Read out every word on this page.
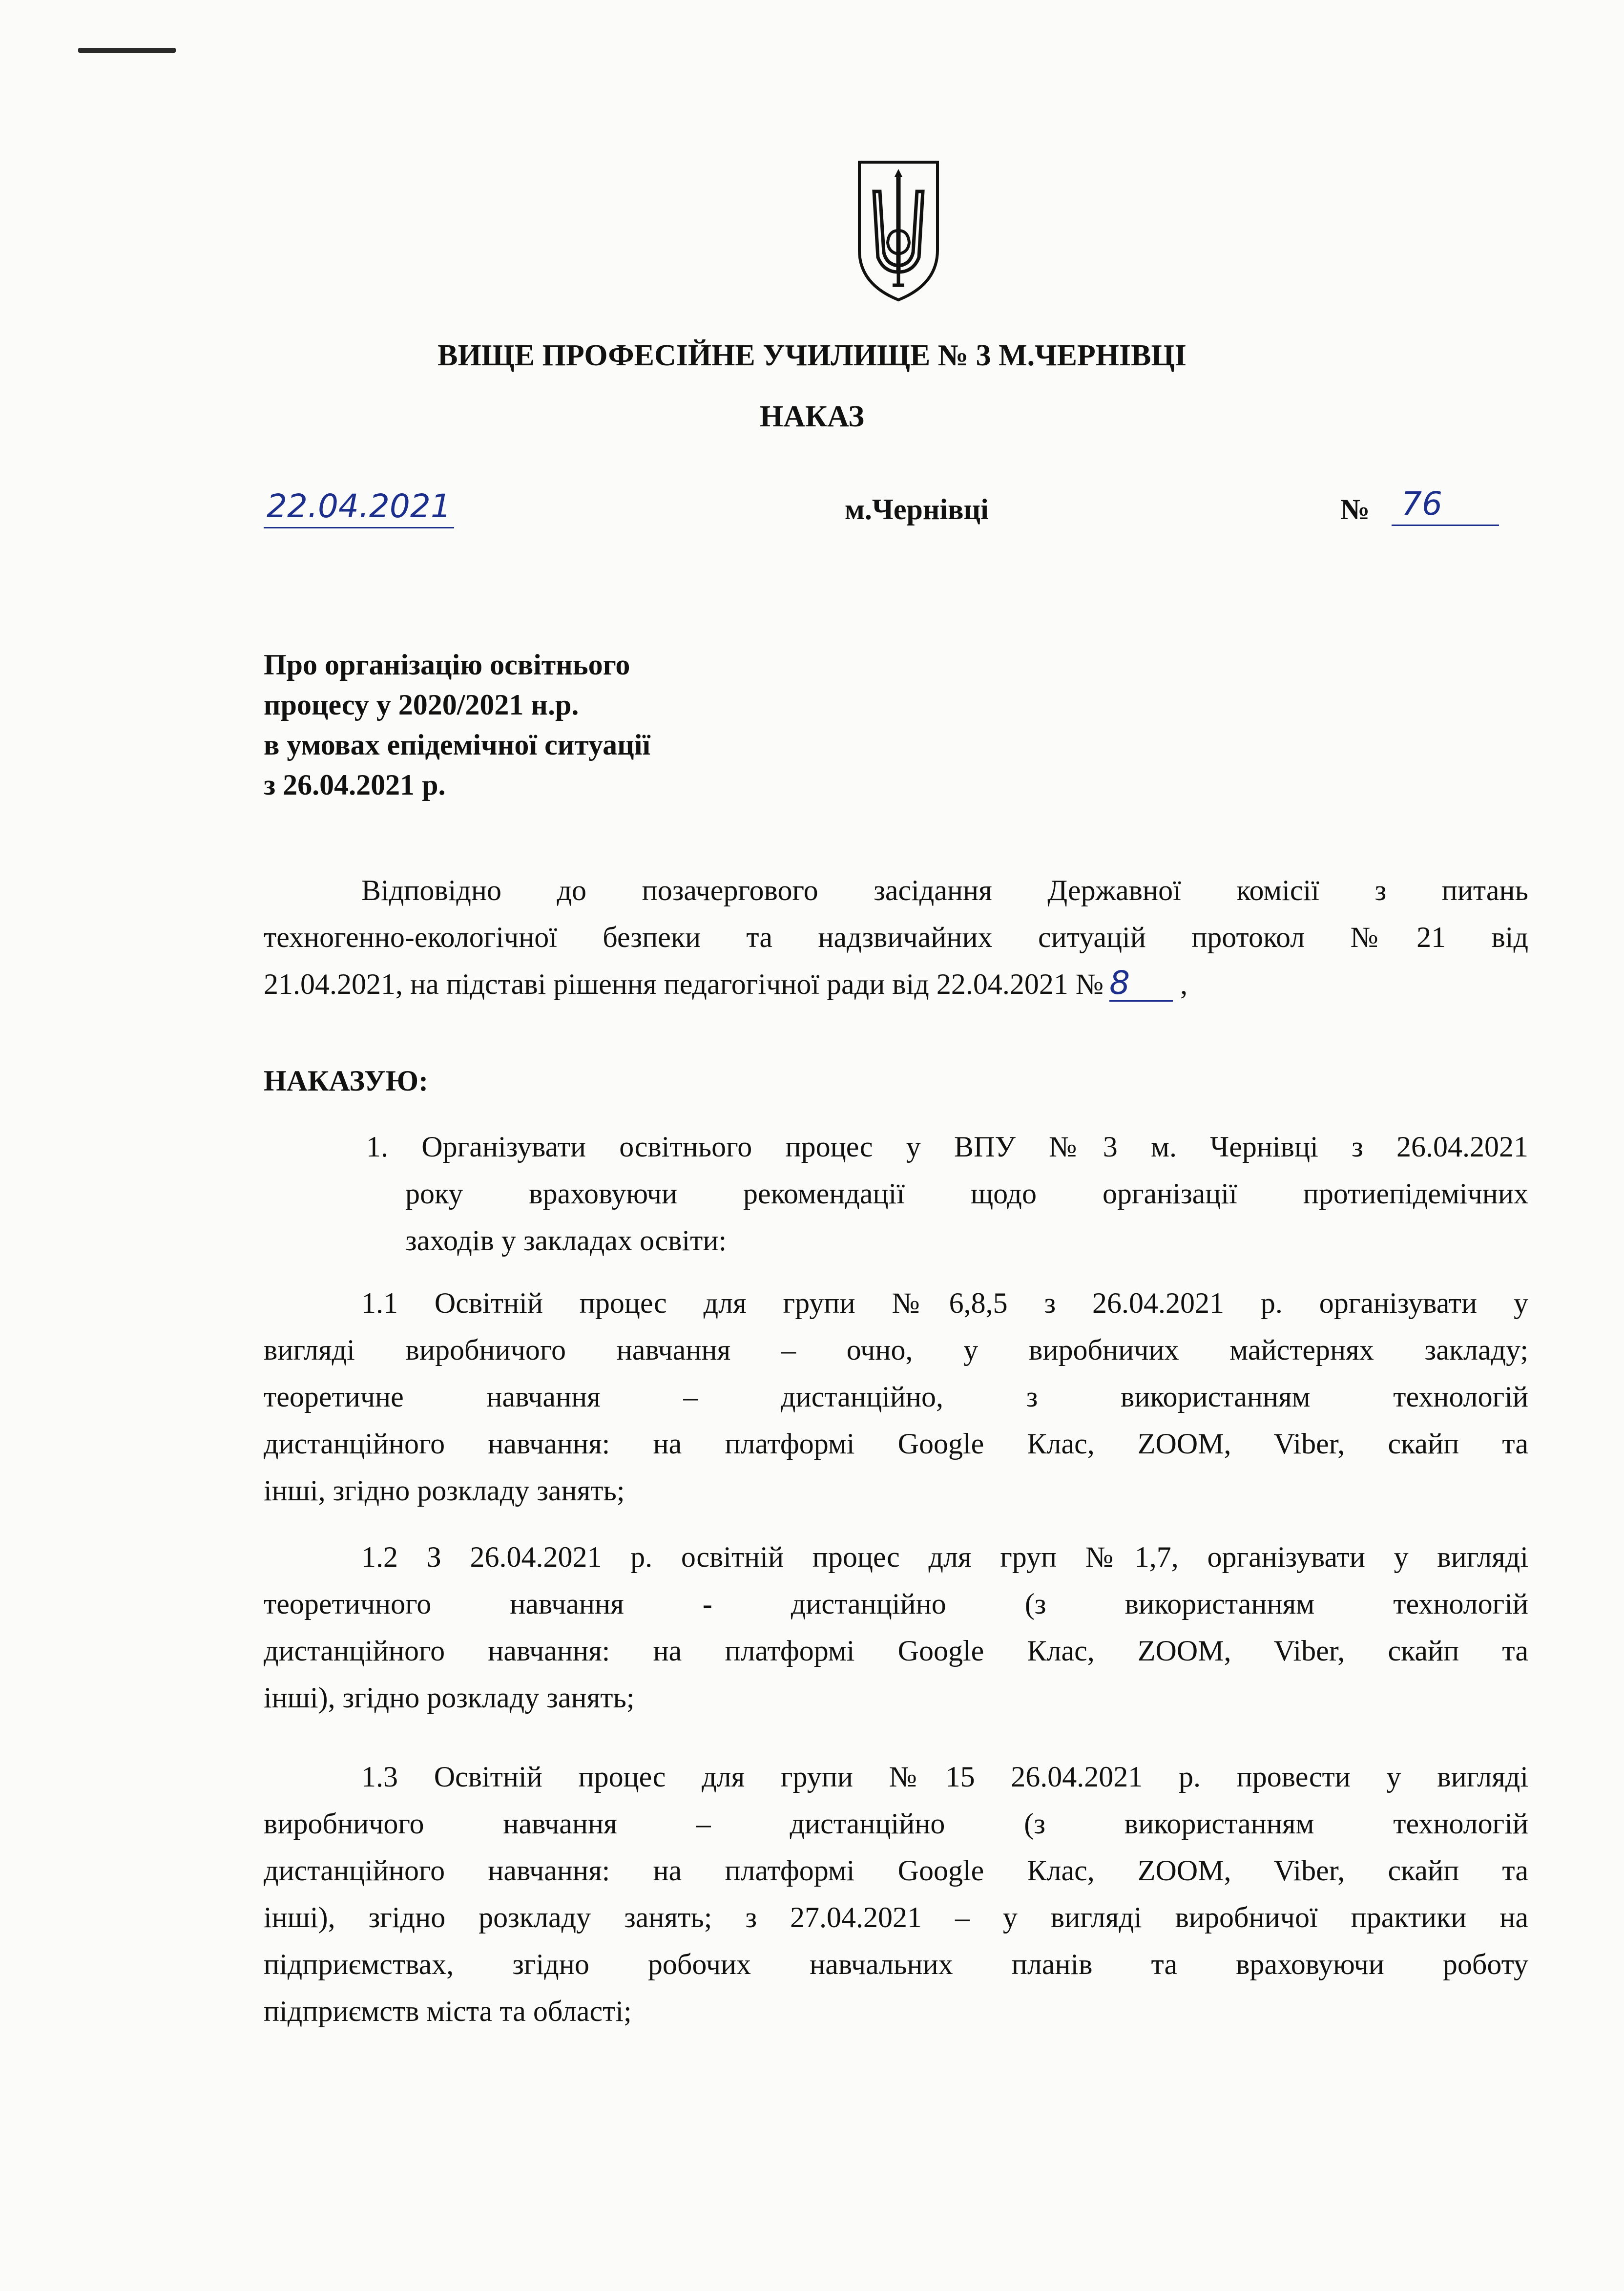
ВИЩЕ ПРОФЕСІЙНЕ УЧИЛИЩЕ № 3 М.ЧЕРНІВЦІ
НАКАЗ
22.04.2021	м.Чернівці	№ 76
Про організацію освітнього
процесу у 2020/2021 н.р.
в умовах епідемічної ситуації
з 26.04.2021 р.
Відповідно до позачергового засідання Державної комісії з питань
техногенно-екологічної безпеки та надзвичайних ситуацій протокол №21 від
21.04.2021, на підставі рішення педагогічної ради від 22.04.2021 № 8 ,
НАКАЗУЮ:
1. Організувати освітнього процес у ВПУ №3 м. Чернівці з 26.04.2021
року враховуючи рекомендації щодо організації протиепідемічних
заходів у закладах освіти:
1.1 Освітній процес для групи №6,8,5 з 26.04.2021 р. організувати у
вигляді виробничого навчання – очно, у виробничих майстернях закладу;
теоретичне навчання – дистанційно, з використанням технологій
дистанційного навчання: на платформі Google Клас, ZOOM, Viber, скайп та
інші, згідно розкладу занять;
1.2 З 26.04.2021 р. освітній процес для груп №1,7, організувати у вигляді
теоретичного навчання - дистанційно (з використанням технологій
дистанційного навчання: на платформі Google Клас, ZOOM, Viber, скайп та
інші), згідно розкладу занять;
1.3 Освітній процес для групи №15 26.04.2021 р. провести у вигляді
виробничого навчання – дистанційно (з використанням технологій
дистанційного навчання: на платформі Google Клас, ZOOM, Viber, скайп та
інші), згідно розкладу занять; з 27.04.2021 – у вигляді виробничої практики на
підприємствах, згідно робочих навчальних планів та враховуючи роботу
підприємств міста та області;
